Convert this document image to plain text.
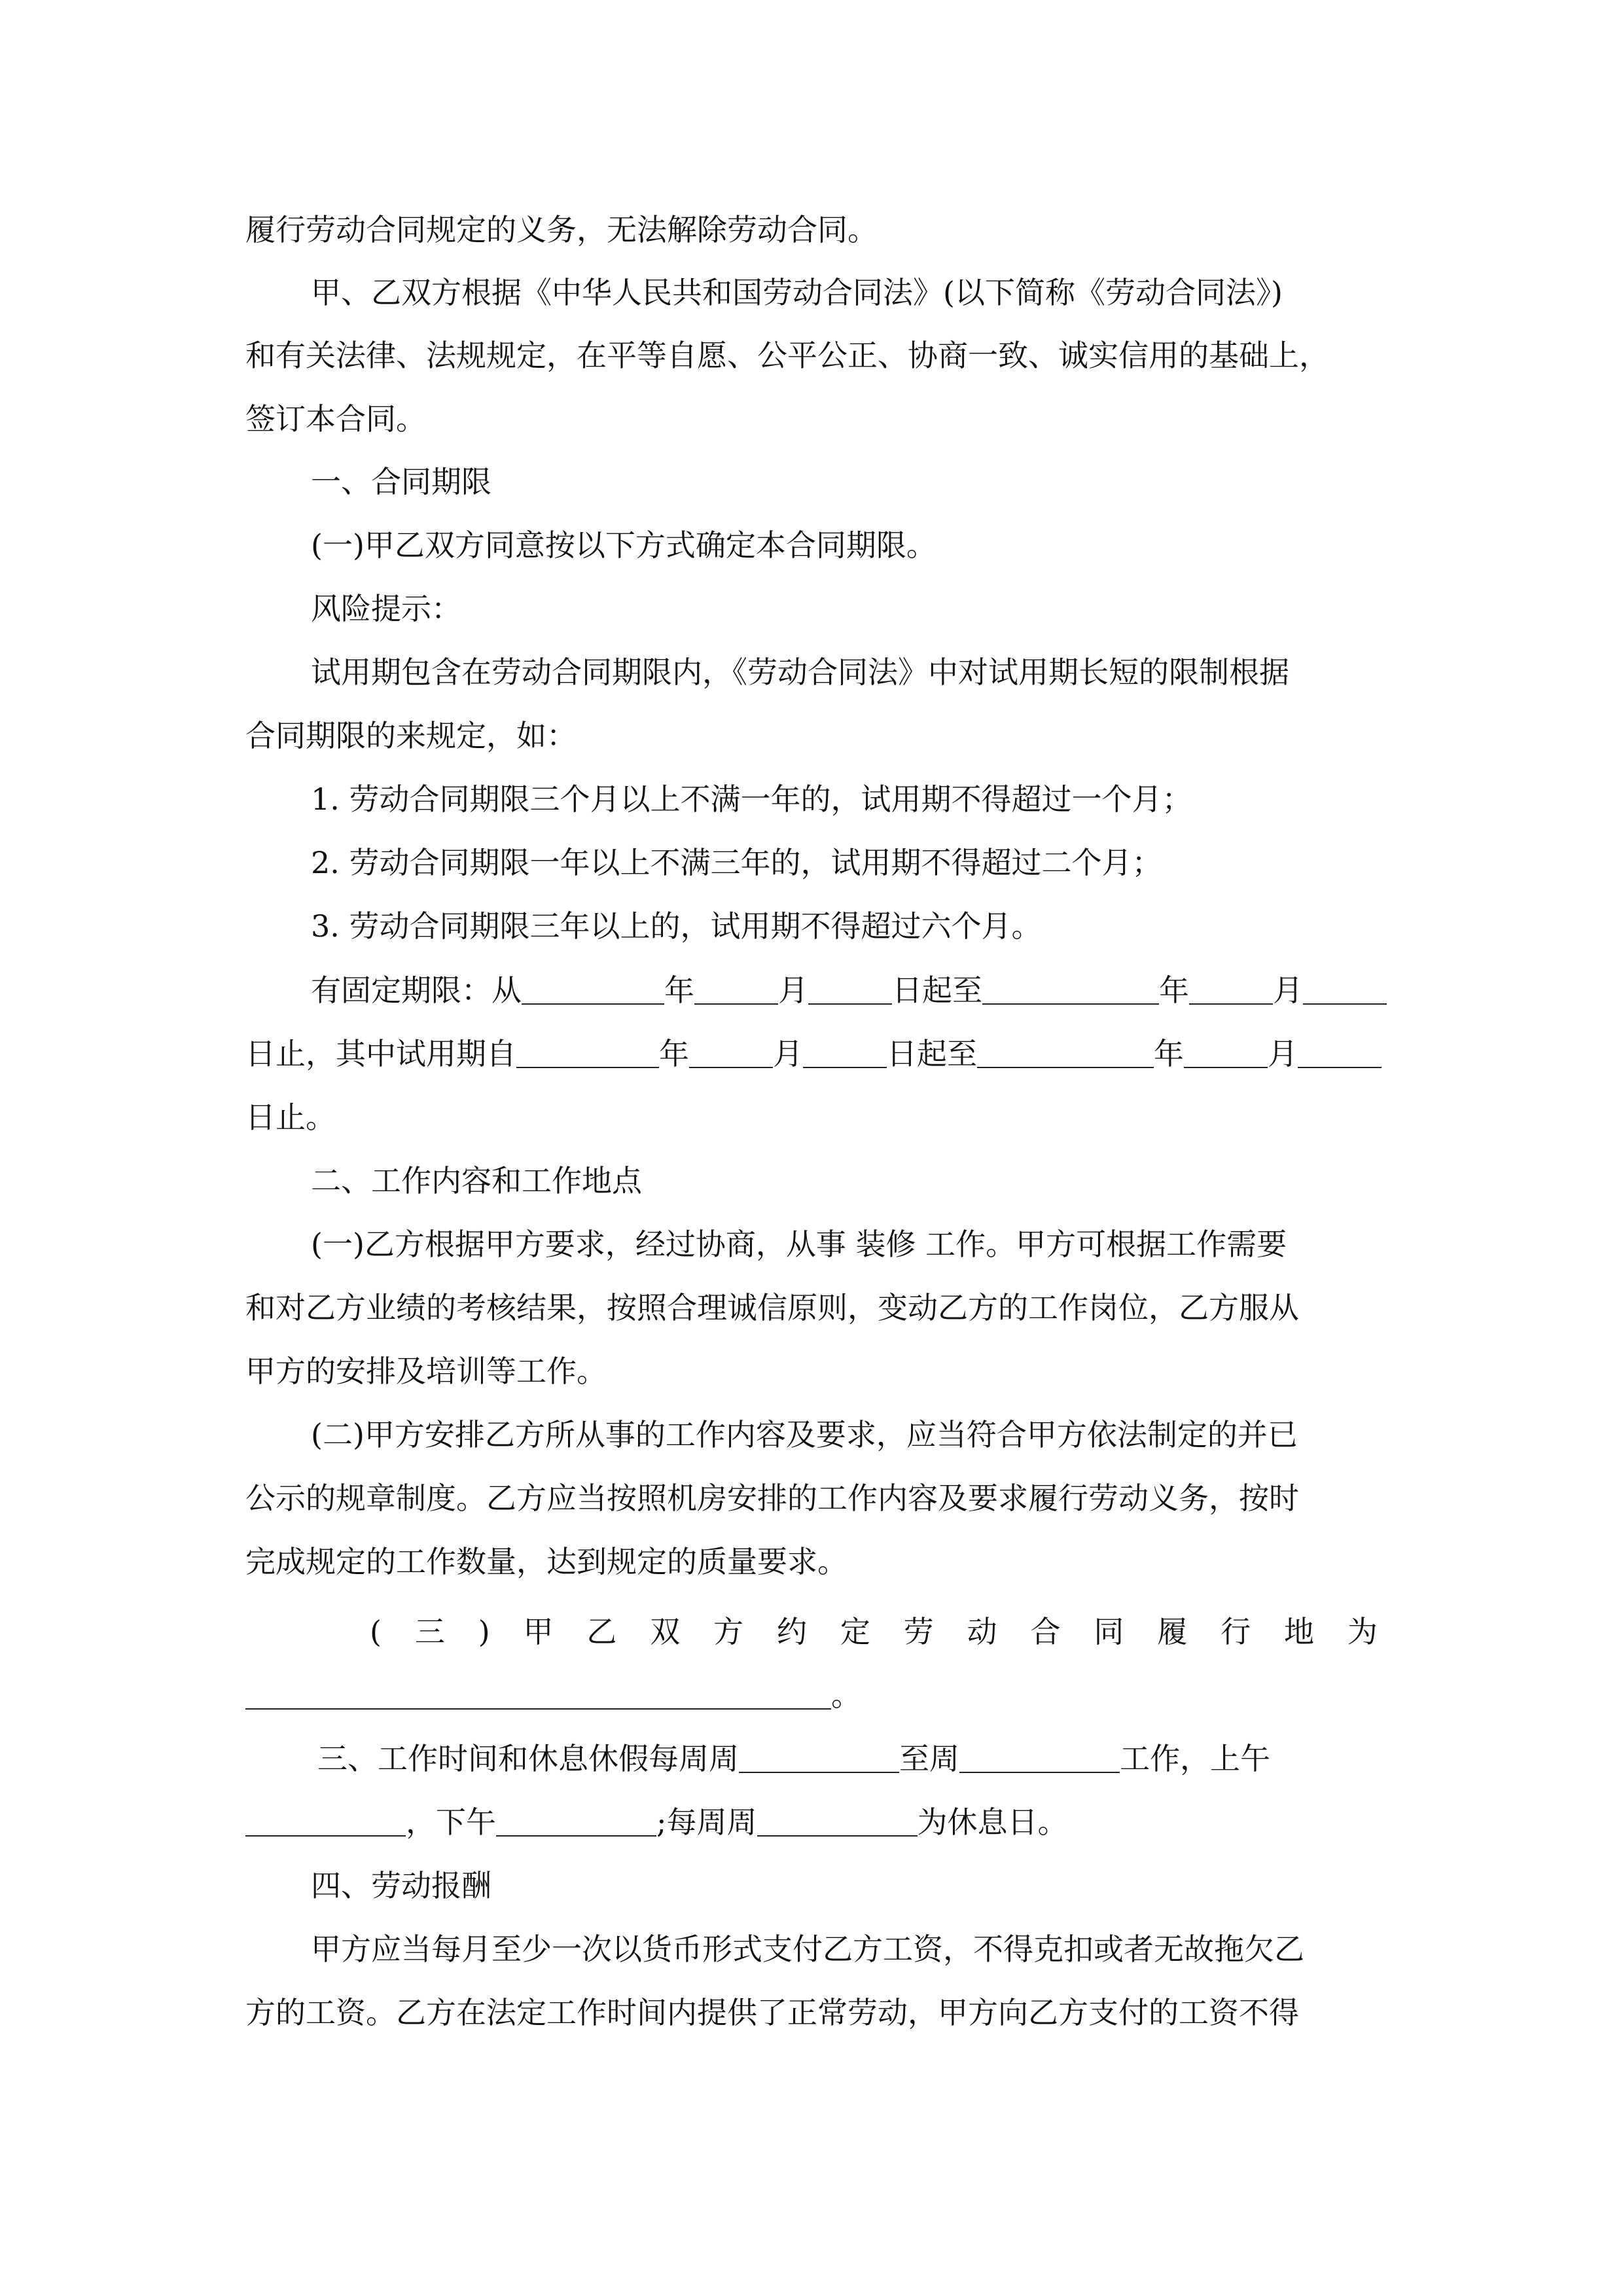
履行劳动合同规定的义务，无法解除劳动合同。
甲、乙双方根据《中华人民共和国劳动合同法》(以下简称《劳动合同法》)
和有关法律、法规规定，在平等自愿、公平公正、协商一致、诚实信用的基础上，
签订本合同。
一、合同期限
(一)甲乙双方同意按以下方式确定本合同期限。
风险提示：
试用期包含在劳动合同期限内，《劳动合同法》中对试用期长短的限制根据
合同期限的来规定，如：
1. 劳动合同期限三个月以上不满一年的，试用期不得超过一个月；
2. 劳动合同期限一年以上不满三年的，试用期不得超过二个月；
3. 劳动合同期限三年以上的，试用期不得超过六个月。
有固定期限：从	年	月	日起至	年	月
日止，其中试用期自	年	月	日起至	年	月
日止。
二、工作内容和工作地点
(一)乙方根据甲方要求，经过协商，从事 装修 工作。甲方可根据工作需要
和对乙方业绩的考核结果，按照合理诚信原则，变动乙方的工作岗位，乙方服从
甲方的安排及培训等工作。
(二)甲方安排乙方所从事的工作内容及要求，应当符合甲方依法制定的并已
公示的规章制度。乙方应当按照机房安排的工作内容及要求履行劳动义务，按时
完成规定的工作数量，达到规定的质量要求。
( 三 ) 甲 乙 双 方 约 定 劳 动 合 同 履 行 地 为
。
三、工作时间和休息休假每周周	至周	工作，上午
，下午	;每周周	为休息日。
四、劳动报酬
甲方应当每月至少一次以货币形式支付乙方工资，不得克扣或者无故拖欠乙
方的工资。乙方在法定工作时间内提供了正常劳动，甲方向乙方支付的工资不得
